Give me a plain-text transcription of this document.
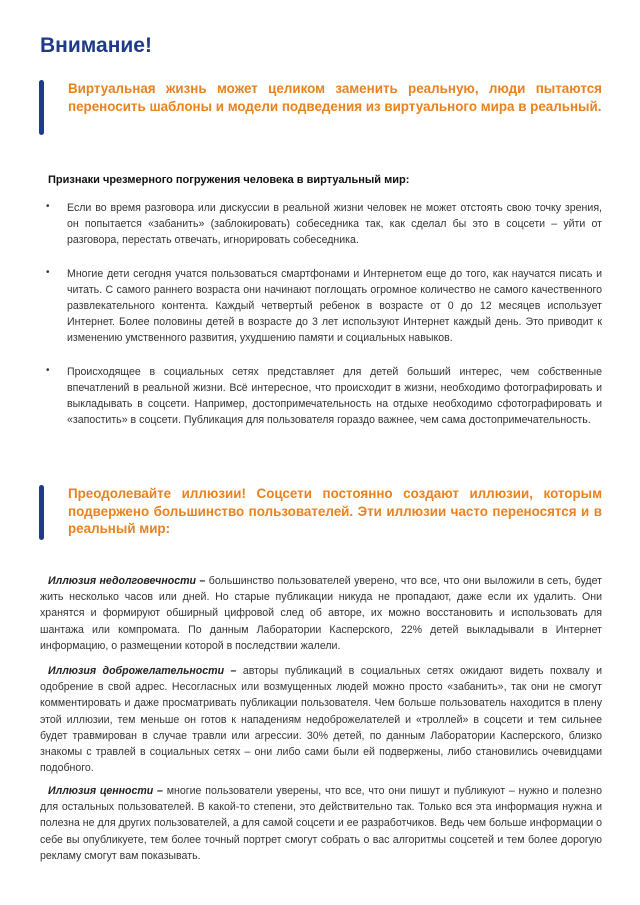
Внимание!
Виртуальная жизнь может целиком заменить реальную, люди пытаются переносить шаблоны и модели подведения из виртуального мира в реальный.
Признаки чрезмерного погружения человека в виртуальный мир:
• Если во время разговора или дискуссии в реальной жизни человек не может отстоять свою точку зрения, он попытается «забанить» (заблокировать) собеседника так, как сделал бы это в соцсети – уйти от разговора, перестать отвечать, игнорировать собеседника.
• Многие дети сегодня учатся пользоваться смартфонами и Интернетом еще до того, как научатся писать и читать. С самого раннего возраста они начинают поглощать огромное количество не самого качественного развлекательного контента. Каждый четвертый ребенок в возрасте от 0 до 12 месяцев использует Интернет. Более половины детей в возрасте до 3 лет используют Интернет каждый день. Это приводит к изменению умственного развития, ухудшению памяти и социальных навыков.
• Происходящее в социальных сетях представляет для детей больший интерес, чем собственные впечатлений в реальной жизни. Всё интересное, что происходит в жизни, необходимо фотографировать и выкладывать в соцсети. Например, достопримечательность на отдыхе необходимо сфотографировать и «запостить» в соцсети. Публикация для пользователя гораздо важнее, чем сама достопримечательность.
Преодолевайте иллюзии! Соцсети постоянно создают иллюзии, которым подвержено большинство пользователей. Эти иллюзии часто переносятся и в реальный мир:
Иллюзия недолговечности – большинство пользователей уверено, что все, что они выложили в сеть, будет жить несколько часов или дней. Но старые публикации никуда не пропадают, даже если их удалить. Они хранятся и формируют обширный цифровой след об авторе, их можно восстановить и использовать для шантажа или компромата. По данным Лаборатории Касперского, 22% детей выкладывали в Интернет информацию, о размещении которой в последствии жалели.
Иллюзия доброжелательности – авторы публикаций в социальных сетях ожидают видеть похвалу и одобрение в свой адрес. Несогласных или возмущенных людей можно просто «забанить», так они не смогут комментировать и даже просматривать публикации пользователя. Чем больше пользователь находится в плену этой иллюзии, тем меньше он готов к нападениям недоброжелателей и «троллей» в соцсети и тем сильнее будет травмирован в случае травли или агрессии. 30% детей, по данным Лаборатории Касперского, близко знакомы с травлей в социальных сетях – они либо сами были ей подвержены, либо становились очевидцами подобного.
Иллюзия ценности – многие пользователи уверены, что все, что они пишут и публикуют – нужно и полезно для остальных пользователей. В какой-то степени, это действительно так. Только вся эта информация нужна и полезна не для других пользователей, а для самой соцсети и ее разработчиков. Ведь чем больше информации о себе вы опубликуете, тем более точный портрет смогут собрать о вас алгоритмы соцсетей и тем более дорогую рекламу смогут вам показывать.
